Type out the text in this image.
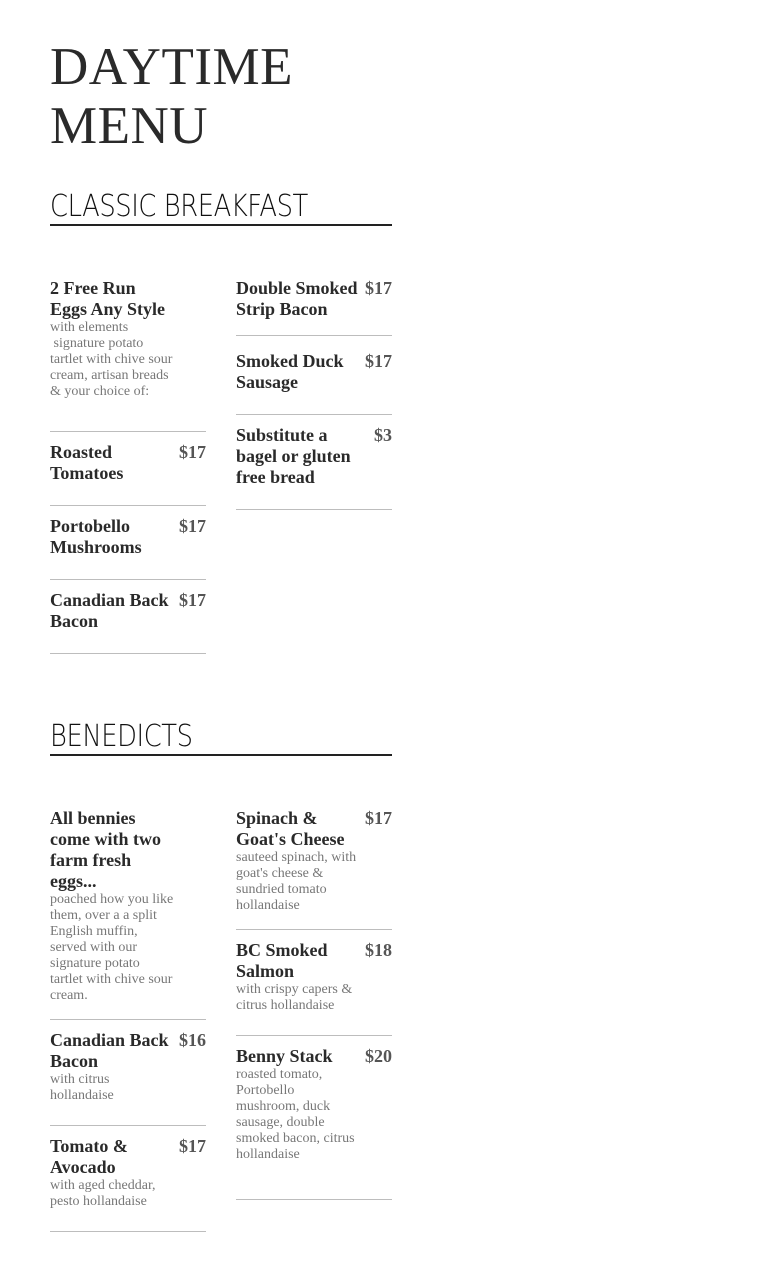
DAYTIME
MENU
CLASSIC BREAKFAST
2 Free Run Eggs Any Style
with elements
signature potato tartlet with chive sour cream, artisan breads & your choice of:
Roasted Tomatoes
$17
Portobello Mushrooms
$17
Canadian Back Bacon
$17
Double Smoked Strip Bacon
$17
Smoked Duck Sausage
$17
Substitute a bagel or gluten free bread
$3
BENEDICTS
All bennies come with two farm fresh eggs...
poached how you like them, over a a split English muffin, served with our signature potato tartlet with chive sour cream.
Canadian Back Bacon
$16
with citrus hollandaise
Tomato & Avocado
$17
with aged cheddar, pesto hollandaise
Spinach & Goat's Cheese
$17
sauteed spinach, with goat's cheese & sundried tomato hollandaise
BC Smoked Salmon
$18
with crispy capers & citrus hollandaise
Benny Stack	$20
roasted tomato, Portobello mushroom, duck sausage, double smoked bacon, citrus hollandaise
